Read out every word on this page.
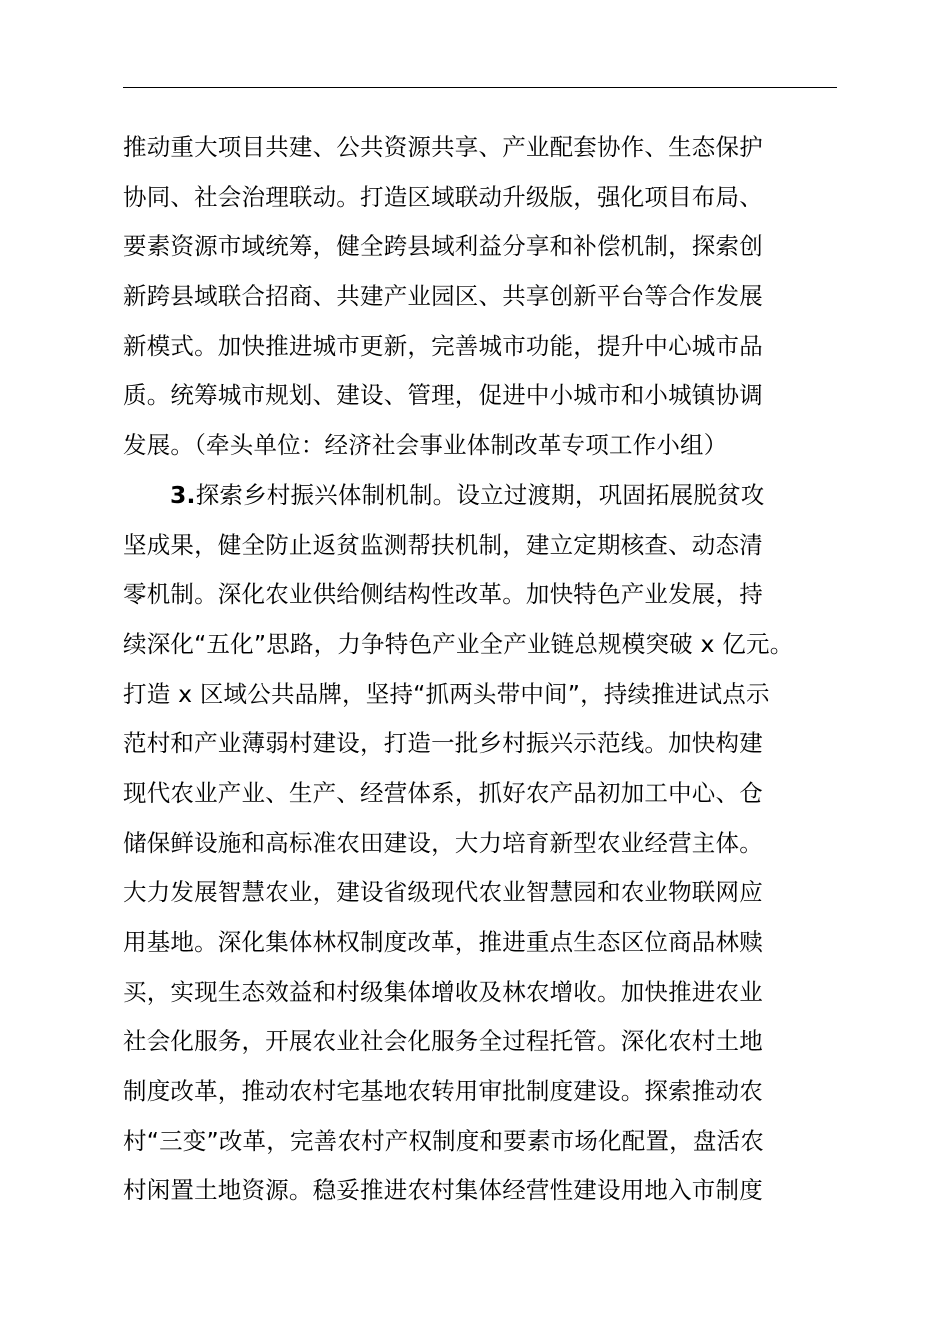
推动重大项目共建、公共资源共享、产业配套协作、生态保护
协同、社会治理联动。打造区域联动升级版，强化项目布局、
要素资源市域统筹，健全跨县域利益分享和补偿机制，探索创
新跨县域联合招商、共建产业园区、共享创新平台等合作发展
新模式。加快推进城市更新，完善城市功能，提升中心城市品
质。统筹城市规划、建设、管理，促进中小城市和小城镇协调
发展。（牵头单位：经济社会事业体制改革专项工作小组）
3.探索乡村振兴体制机制。设立过渡期，巩固拓展脱贫攻
坚成果，健全防止返贫监测帮扶机制，建立定期核查、动态清
零机制。深化农业供给侧结构性改革。加快特色产业发展，持
续深化“五化”思路，力争特色产业全产业链总规模突破 x 亿元。
打造 x 区域公共品牌，坚持“抓两头带中间”，持续推进试点示
范村和产业薄弱村建设，打造一批乡村振兴示范线。加快构建
现代农业产业、生产、经营体系，抓好农产品初加工中心、仓
储保鲜设施和高标准农田建设，大力培育新型农业经营主体。
大力发展智慧农业，建设省级现代农业智慧园和农业物联网应
用基地。深化集体林权制度改革，推进重点生态区位商品林赎
买，实现生态效益和村级集体增收及林农增收。加快推进农业
社会化服务，开展农业社会化服务全过程托管。深化农村土地
制度改革，推动农村宅基地农转用审批制度建设。探索推动农
村“三变”改革，完善农村产权制度和要素市场化配置，盘活农
村闲置土地资源。稳妥推进农村集体经营性建设用地入市制度
